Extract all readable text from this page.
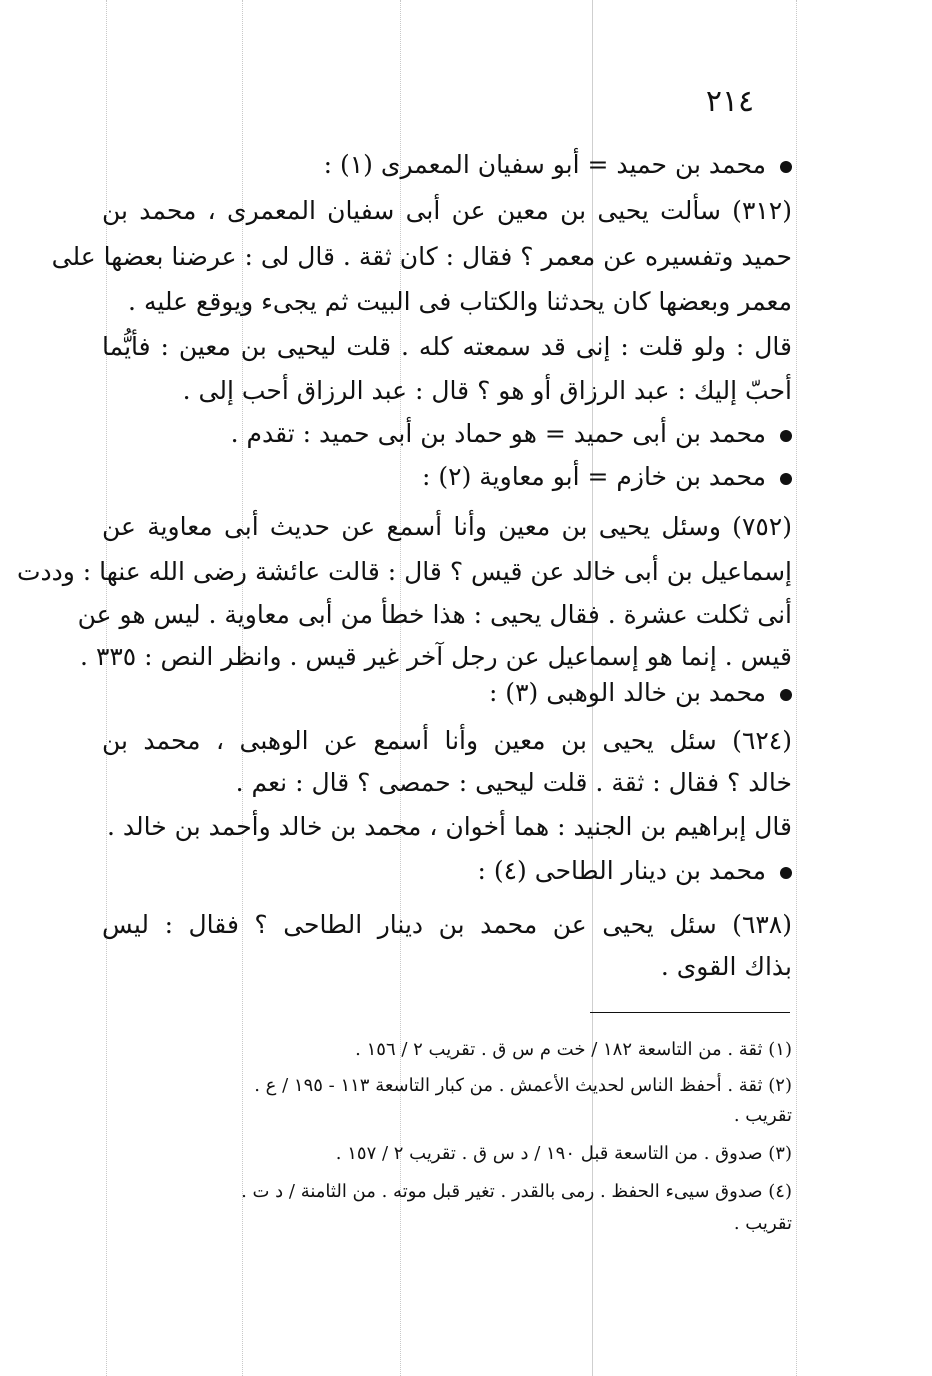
٢١٤
محمد بن حميد = أبو سفيان المعمرى (١) :
(٣١٢) سألت يحيى بن معين عن أبى سفيان المعمرى ، محمد بن
حميد وتفسيره عن معمر ؟ فقال : كان ثقة . قال لى : عرضنا بعضها على
معمر وبعضها كان يحدثنا والكتاب فى البيت ثم يجىء ويوقع عليه .
قال : ولو قلت : إنى قد سمعته كله . قلت ليحيى بن معين : فأيُّما
أحبّ إليك : عبد الرزاق أو هو ؟ قال : عبد الرزاق أحب إلى .
محمد بن أبى حميد = هو حماد بن أبى حميد : تقدم .
محمد بن خازم = أبو معاوية (٢) :
(٧٥٢) وسئل يحيى بن معين وأنا أسمع عن حديث أبى معاوية عن
إسماعيل بن أبى خالد عن قيس ؟ قال : قالت عائشة رضى الله عنها : وددت
أنى ثكلت عشرة . فقال يحيى : هذا خطأ من أبى معاوية . ليس هو عن
قيس . إنما هو إسماعيل عن رجل آخر غير قيس . وانظر النص : ٣٣٥ .
محمد بن خالد الوهبى (٣) :
(٦٢٤) سئل يحيى بن معين وأنا أسمع عن الوهبى ، محمد بن
خالد ؟ فقال : ثقة . قلت ليحيى : حمصى ؟ قال : نعم .
قال إبراهيم بن الجنيد : هما أخوان ، محمد بن خالد وأحمد بن خالد .
محمد بن دينار الطاحى (٤) :
(٦٣٨) سئل يحيى عن محمد بن دينار الطاحى ؟ فقال : ليس
بذاك القوى .
(١) ثقة . من التاسعة ١٨٢ / خت م س ق . تقريب ٢ / ١٥٦ .
(٢) ثقة . أحفظ الناس لحديث الأعمش . من كبار التاسعة ١١٣ - ١٩٥ / ع .
تقريب .
(٣) صدوق . من التاسعة قبل ١٩٠ / د س ق . تقريب ٢ / ١٥٧ .
(٤) صدوق سيىء الحفظ . رمى بالقدر . تغير قبل موته . من الثامنة / د ت .
تقريب .
